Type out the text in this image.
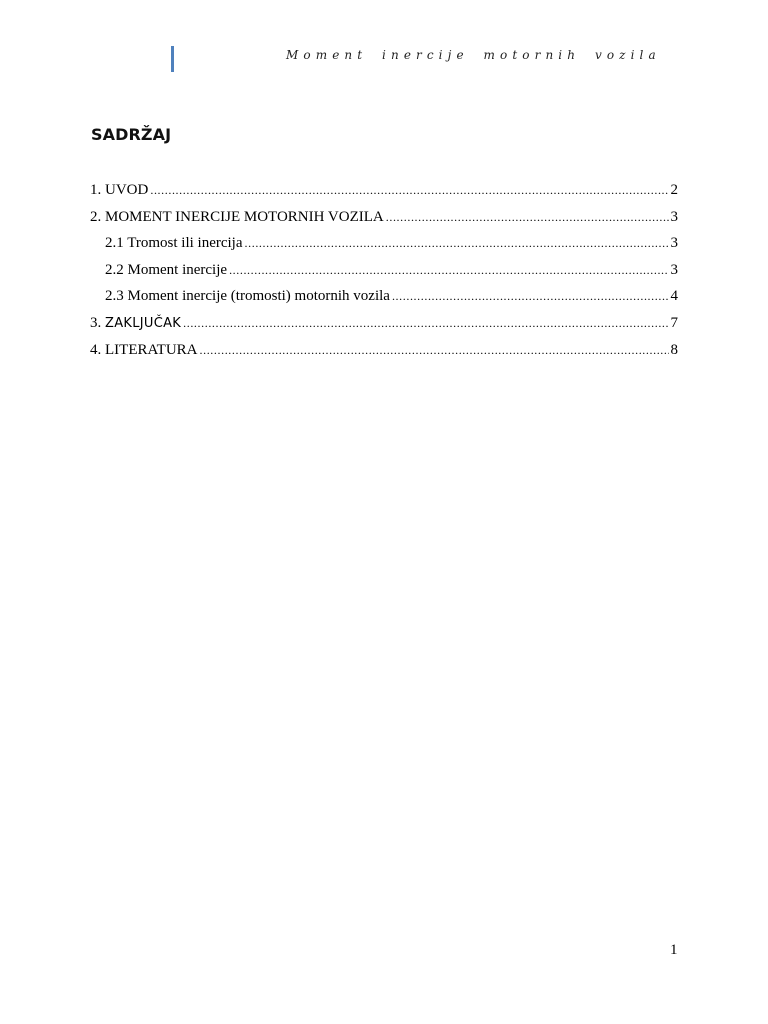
Moment inercije motornih vozila
SADRŽAJ
1. UVOD .....	2
2. MOMENT INERCIJE MOTORNIH VOZILA .....	3
2.1 Tromost ili inercija .....	3
2.2 Moment inercije .....	3
2.3 Moment inercije (tromosti) motornih vozila .....	4
3. ZAKLJUČAK .....	7
4. LITERATURA .....	8
1
